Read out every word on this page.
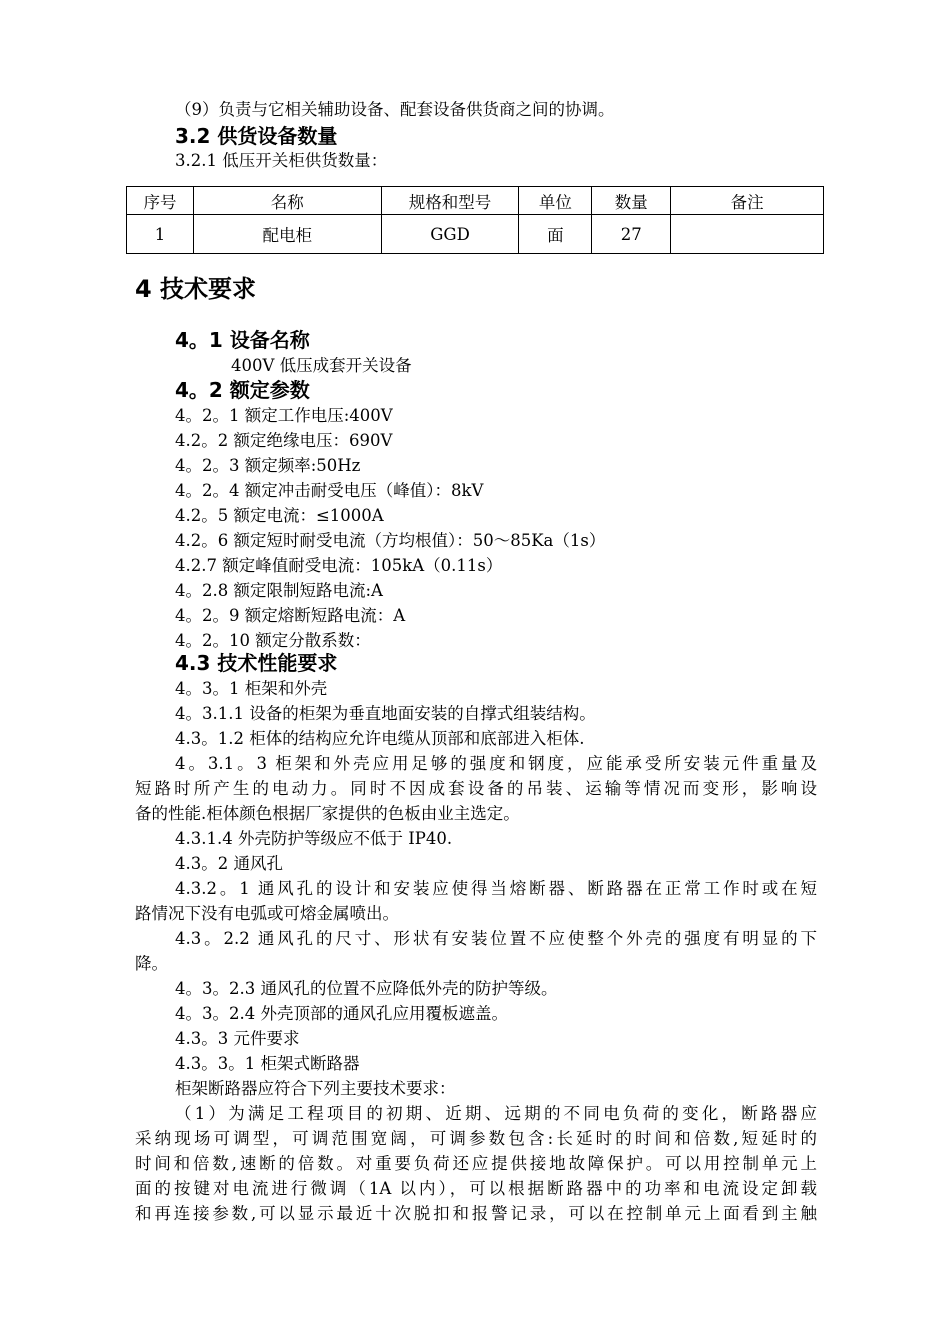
（9）负责与它相关辅助设备、配套设备供货商之间的协调。
3.2 供货设备数量
3.2.1 低压开关柜供货数量：
序号	名称	规格和型号	单位	数量	备注
1	配电柜	GGD	面	27	
4 技术要求
4。1 设备名称
400V 低压成套开关设备
4。2 额定参数
4。2。1 额定工作电压:400V
4.2。2 额定绝缘电压：690V
4。2。3 额定频率:50Hz
4。2。4 额定冲击耐受电压（峰值）：8kV
4.2。5 额定电流：≤1000A
4.2。6 额定短时耐受电流（方均根值）：50～85Ka（1s）
4.2.7 额定峰值耐受电流：105kA（0.11s）
4。2.8 额定限制短路电流:A
4。2。9 额定熔断短路电流：A
4。2。10 额定分散系数：
4.3 技术性能要求
4。3。1 柜架和外壳
4。3.1.1 设备的柜架为垂直地面安装的自撑式组装结构。
4.3。1.2 柜体的结构应允许电缆从顶部和底部进入柜体.
4。3.1。3 柜架和外壳应用足够的强度和钢度，应能承受所安装元件重量及
短路时所产生的电动力。同时不因成套设备的吊装、运输等情况而变形，影响设
备的性能.柜体颜色根据厂家提供的色板由业主选定。
4.3.1.4 外壳防护等级应不低于 IP40.
4.3。2 通风孔
4.3.2。1 通风孔的设计和安装应使得当熔断器、断路器在正常工作时或在短
路情况下没有电弧或可熔金属喷出。
4.3。2.2 通风孔的尺寸、形状有安装位置不应使整个外壳的强度有明显的下
降。
4。3。2.3 通风孔的位置不应降低外壳的防护等级。
4。3。2.4 外壳顶部的通风孔应用覆板遮盖。
4.3。3 元件要求
4.3。3。1 柜架式断路器
柜架断路器应符合下列主要技术要求：
（1）为满足工程项目的初期、近期、远期的不同电负荷的变化，断路器应
采纳现场可调型，可调范围宽阔，可调参数包含:长延时的时间和倍数,短延时的
时间和倍数,速断的倍数。对重要负荷还应提供接地故障保护。可以用控制单元上
面的按键对电流进行微调（1A 以内），可以根据断路器中的功率和电流设定卸载
和再连接参数,可以显示最近十次脱扣和报警记录，可以在控制单元上面看到主触
